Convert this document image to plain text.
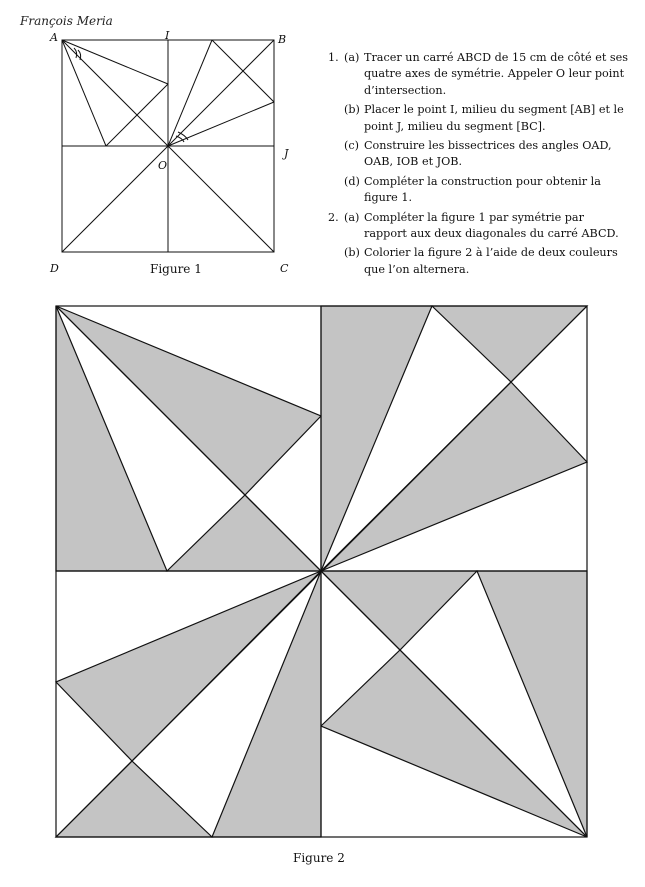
François Meria
A	B
C
D
I
J
O
Figure 1
1. (a) Tracer un carré ABCD de 15 cm de côté et ses quatre axes de symétrie. Appeler O leur point d’intersection.
(b) Placer le point I, milieu du segment [AB] et le point J, milieu du segment [BC].
(c) Construire les bissectrices des angles OAD, OAB, IOB et JOB.
(d) Compléter la construction pour obtenir la figure 1.
2. (a) Compléter la figure 1 par symétrie par rapport aux deux diagonales du carré ABCD.
(b) Colorier la figure 2 à l’aide de deux couleurs que l’on alternera.
Figure 2
